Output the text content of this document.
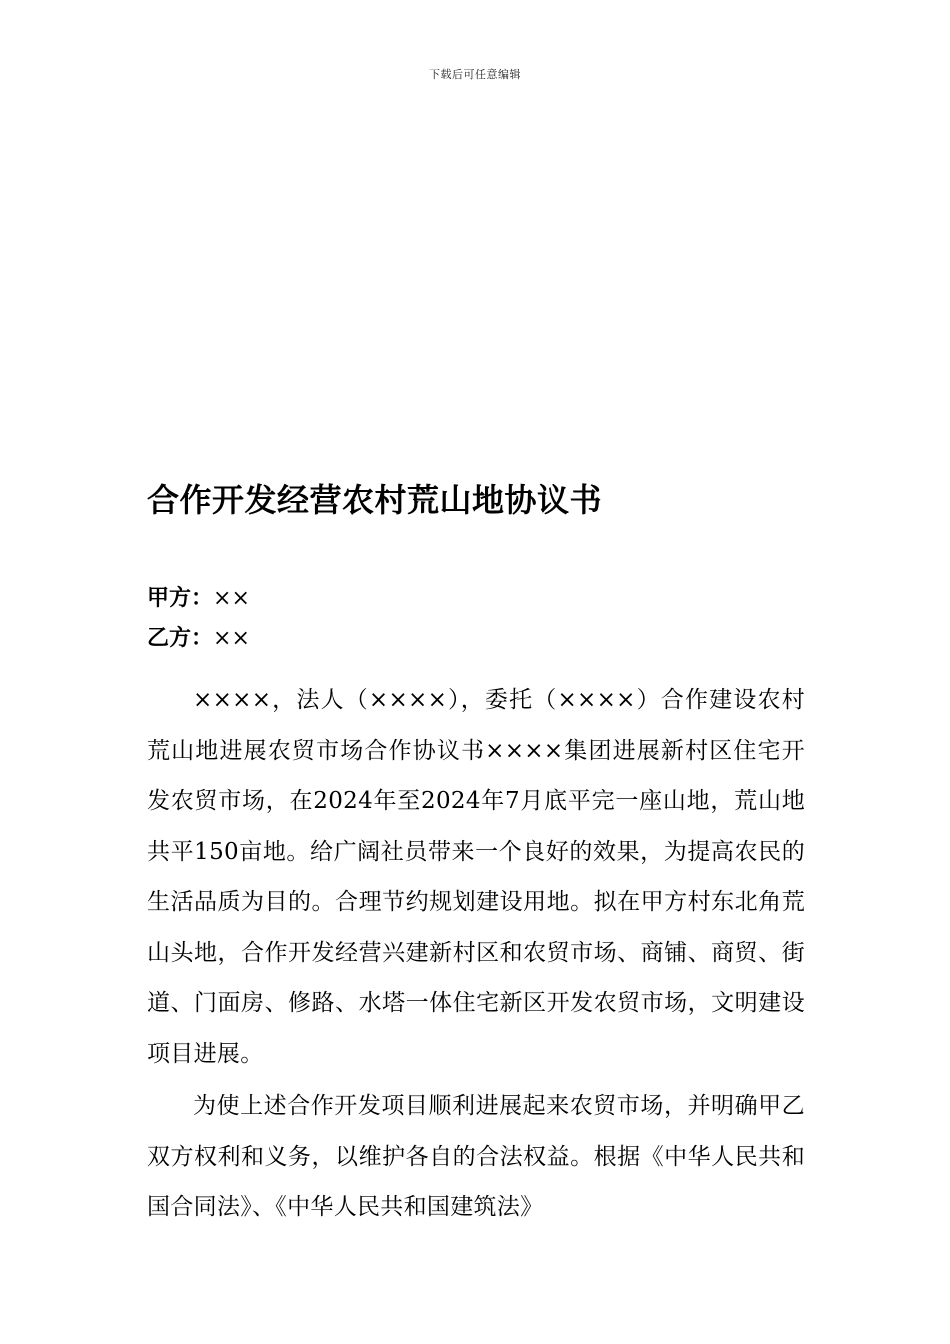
下载后可任意编辑
合作开发经营农村荒山地协议书
甲方：××
乙方：××

××××，法人（××××），委托（××××）合作建设农村荒山地进展农贸市场合作协议书××××集团进展新村区住宅开发农贸市场，在2024年至2024年7月底平完一座山地，荒山地共平150亩地。给广阔社员带来一个良好的效果，为提高农民的生活品质为目的。合理节约规划建设用地。拟在甲方村东北角荒山头地，合作开发经营兴建新村区和农贸市场、商铺、商贸、街道、门面房、修路、水塔一体住宅新区开发农贸市场，文明建设项目进展。

为使上述合作开发项目顺利进展起来农贸市场，并明确甲乙双方权利和义务，以维护各自的合法权益。根据《中华人民共和国合同法》、《中华人民共和国建筑法》
